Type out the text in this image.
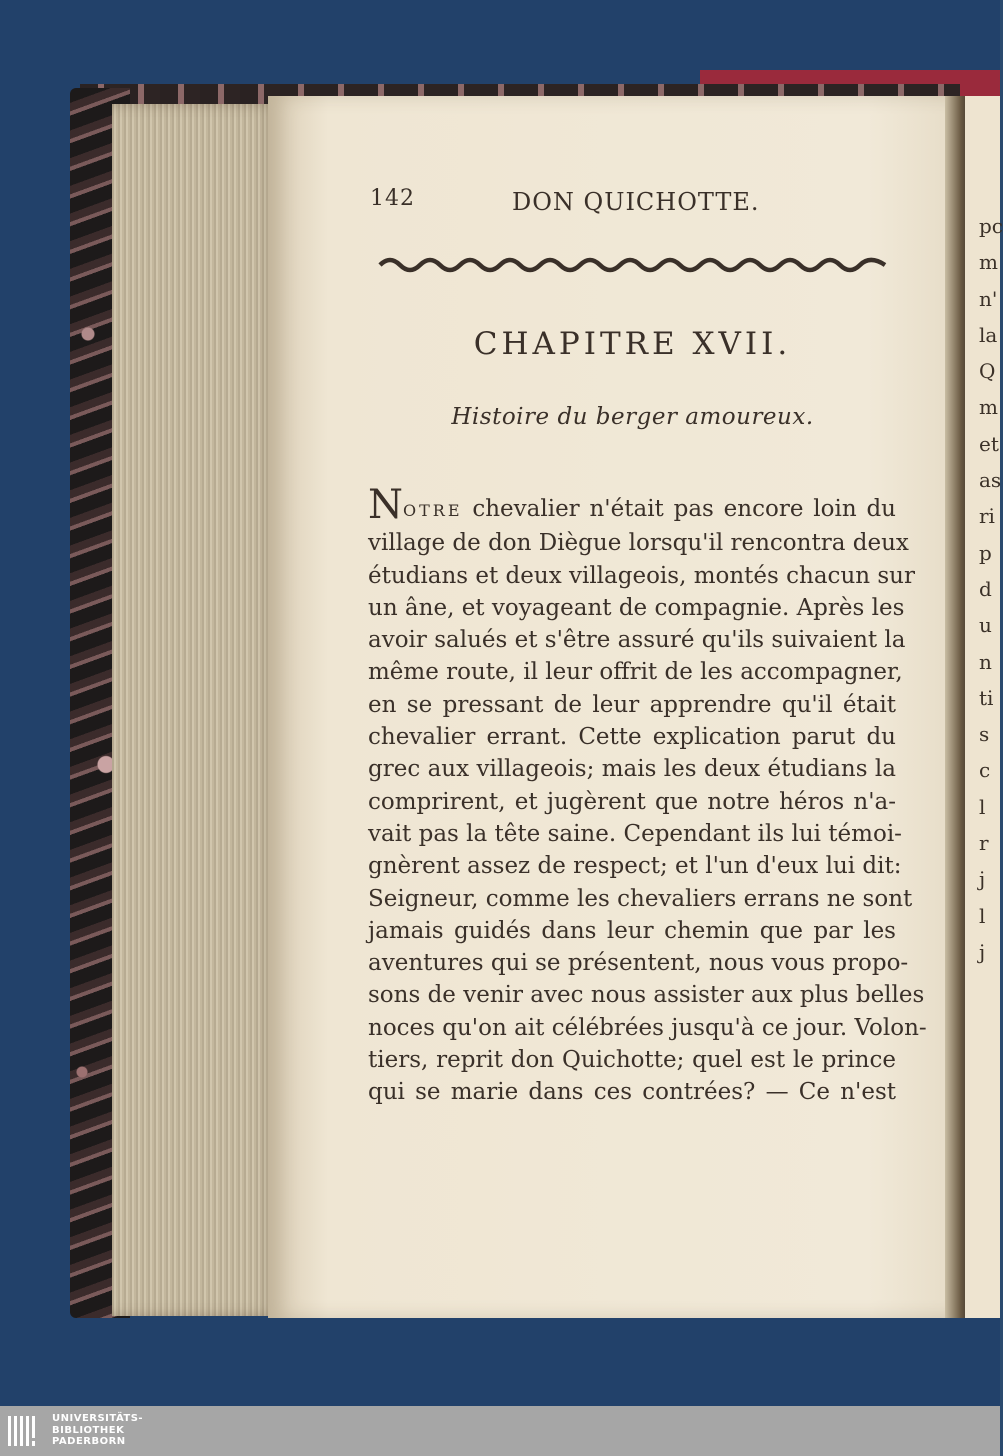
pc
m
n'
la
Q
m
et
as
ri
p
d
u
n
ti
s
c
l
r
j
l
j
142	DON QUICHOTTE.
CHAPITRE XVII.
Histoire du berger amoureux.
NOTRE chevalier n'était pas encore loin du
village de don Diègue lorsqu'il rencontra deux
étudians et deux villageois, montés chacun sur
un âne, et voyageant de compagnie. Après les
avoir salués et s'être assuré qu'ils suivaient la
même route, il leur offrit de les accompagner,
en se pressant de leur apprendre qu'il était
chevalier errant. Cette explication parut du
grec aux villageois; mais les deux étudians la
comprirent, et jugèrent que notre héros n'a-
vait pas la tête saine. Cependant ils lui témoi-
gnèrent assez de respect; et l'un d'eux lui dit:
Seigneur, comme les chevaliers errans ne sont
jamais guidés dans leur chemin que par les
aventures qui se présentent, nous vous propo-
sons de venir avec nous assister aux plus belles
noces qu'on ait célébrées jusqu'à ce jour. Volon-
tiers, reprit don Quichotte; quel est le prince
qui se marie dans ces contrées? — Ce n'est
UNIVERSITÄTS-
BIBLIOTHEK
PADERBORN
